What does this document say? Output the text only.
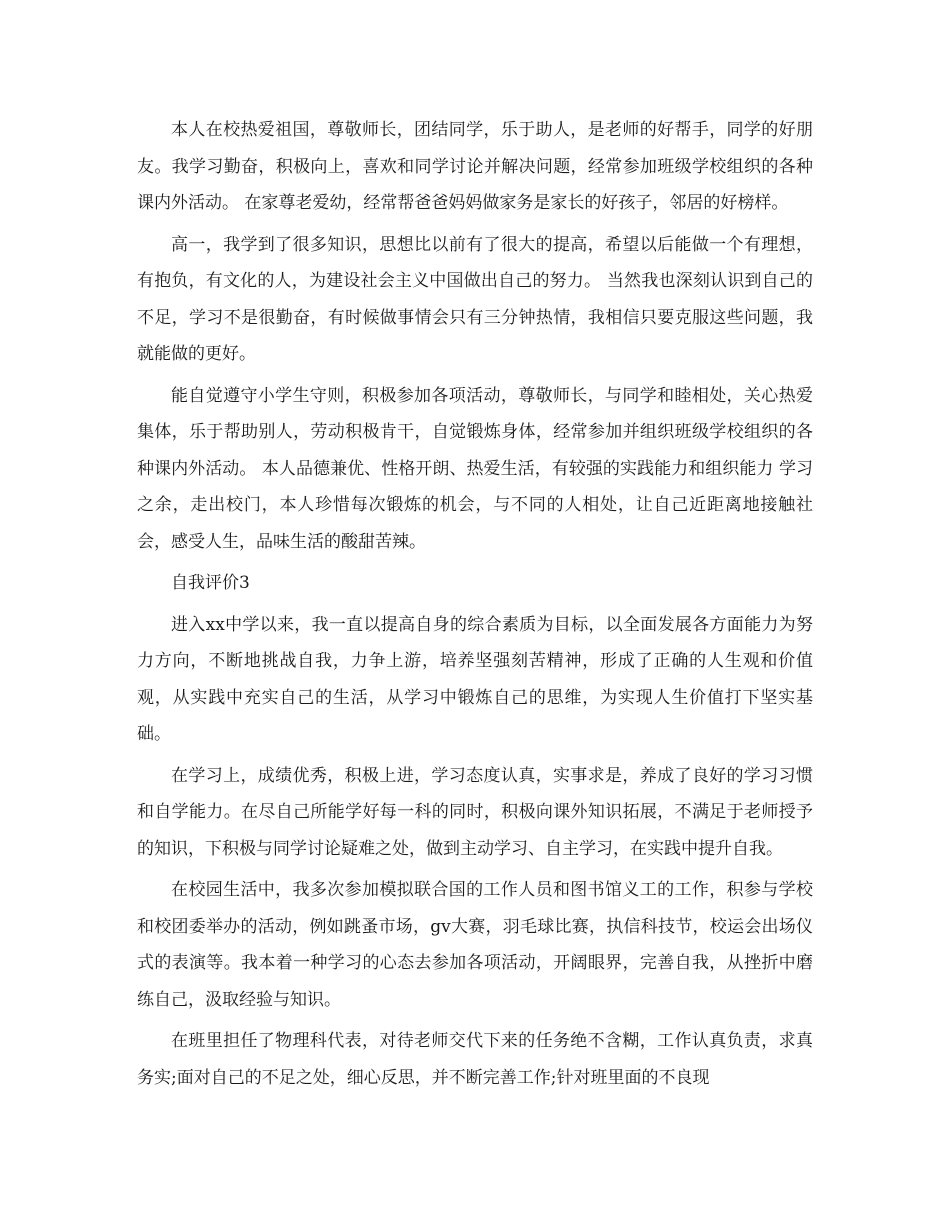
本人在校热爱祖国，尊敬师长，团结同学，乐于助人，是老师的好帮手，同学的好朋友。我学习勤奋，积极向上，喜欢和同学讨论并解决问题，经常参加班级学校组织的各种课内外活动。 在家尊老爱幼，经常帮爸爸妈妈做家务是家长的好孩子，邻居的好榜样。

高一，我学到了很多知识，思想比以前有了很大的提高，希望以后能做一个有理想，有抱负，有文化的人，为建设社会主义中国做出自己的努力。 当然我也深刻认识到自己的不足，学习不是很勤奋，有时候做事情会只有三分钟热情，我相信只要克服这些问题，我就能做的更好。

能自觉遵守小学生守则，积极参加各项活动，尊敬师长，与同学和睦相处，关心热爱集体，乐于帮助别人，劳动积极肯干，自觉锻炼身体，经常参加并组织班级学校组织的各种课内外活动。 本人品德兼优、性格开朗、热爱生活，有较强的实践能力和组织能力 学习之余，走出校门，本人珍惜每次锻炼的机会，与不同的人相处，让自己近距离地接触社会，感受人生，品味生活的酸甜苦辣。

自我评价3

进入xx中学以来，我一直以提高自身的综合素质为目标，以全面发展各方面能力为努力方向，不断地挑战自我，力争上游，培养坚强刻苦精神，形成了正确的人生观和价值观，从实践中充实自己的生活，从学习中锻炼自己的思维，为实现人生价值打下坚实基础。

在学习上，成绩优秀，积极上进，学习态度认真，实事求是，养成了良好的学习习惯和自学能力。在尽自己所能学好每一科的同时，积极向课外知识拓展，不满足于老师授予的知识，下积极与同学讨论疑难之处，做到主动学习、自主学习，在实践中提升自我。

在校园生活中，我多次参加模拟联合国的工作人员和图书馆义工的工作，积参与学校和校团委举办的活动，例如跳蚤市场，gv大赛，羽毛球比赛，执信科技节，校运会出场仪式的表演等。我本着一种学习的心态去参加各项活动，开阔眼界，完善自我，从挫折中磨练自己，汲取经验与知识。

在班里担任了物理科代表，对待老师交代下来的任务绝不含糊，工作认真负责，求真务实;面对自己的不足之处，细心反思，并不断完善工作;针对班里面的不良现
